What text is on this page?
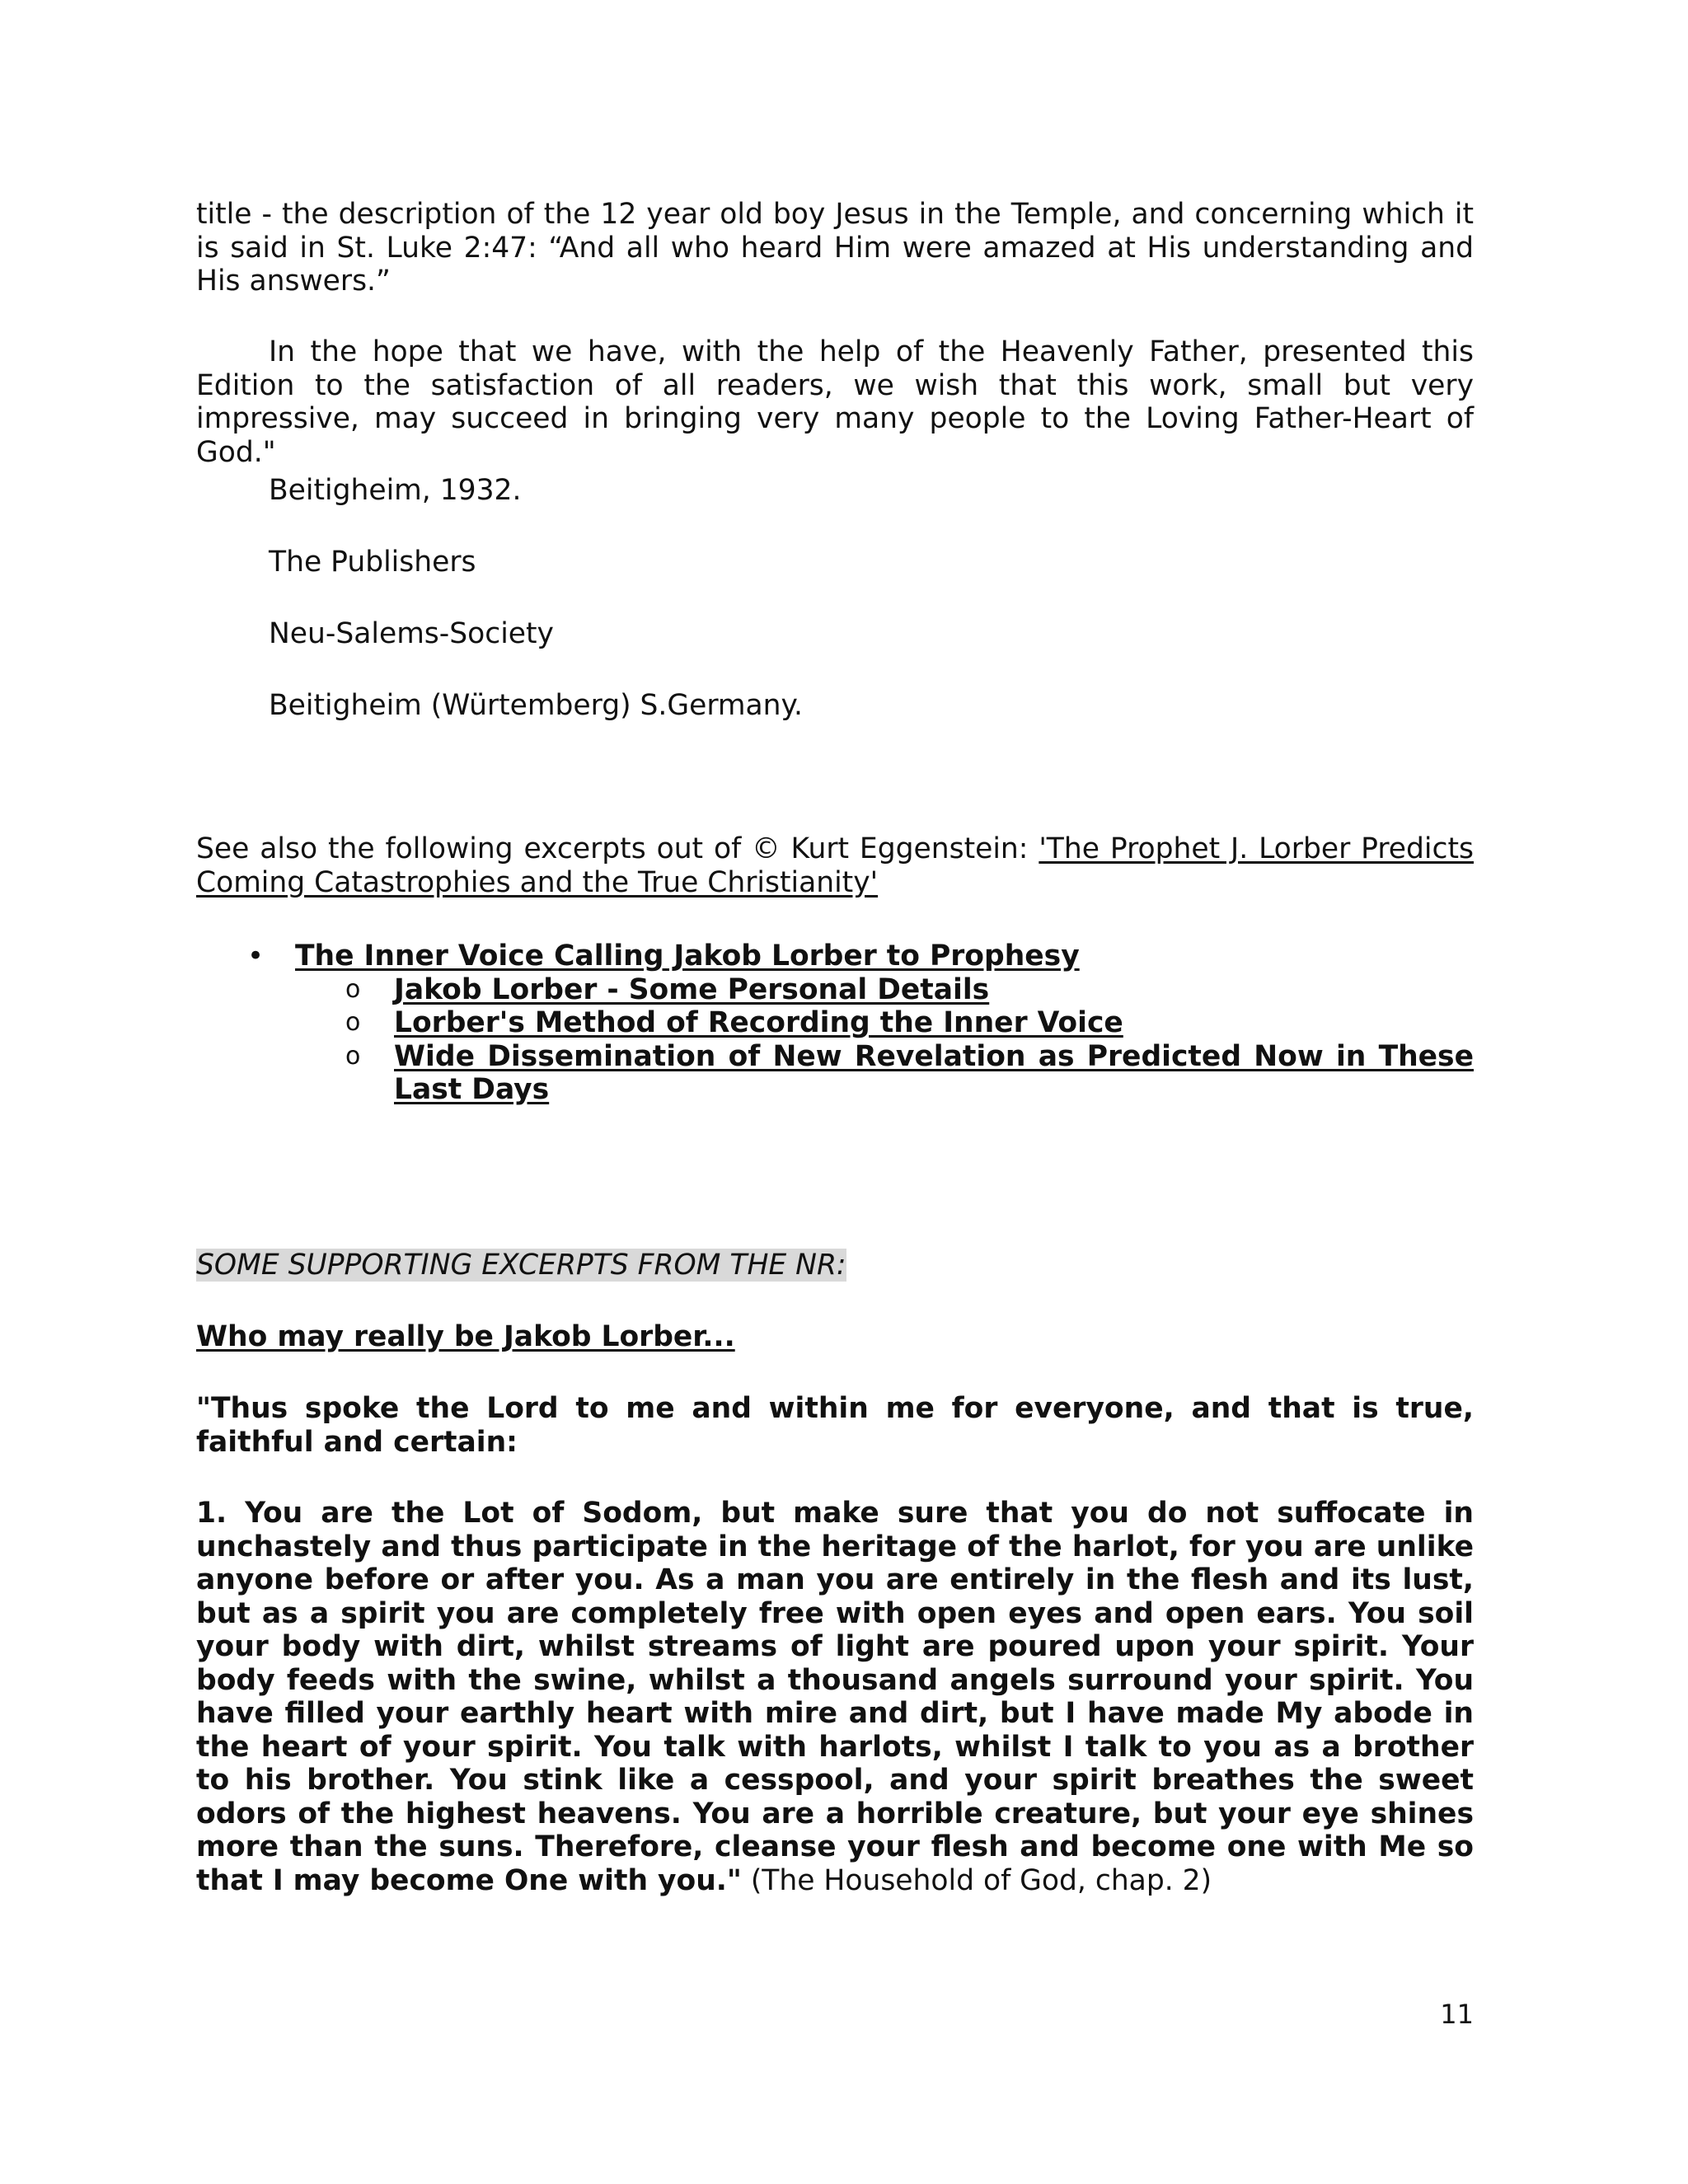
title - the description of the 12 year old boy Jesus in the Temple, and concerning which it is said in St. Luke 2:47: “And all who heard Him were amazed at His understanding and His answers.”

In the hope that we have, with the help of the Heavenly Father, presented this Edition to the satisfaction of all readers, we wish that this work, small but very impressive, may succeed in bringing very many people to the Loving Father-Heart of God."

Beitigheim, 1932.

The Publishers

Neu-Salems-Society

Beitigheim (Würtemberg) S.Germany.

See also the following excerpts out of © Kurt Eggenstein: 'The Prophet J. Lorber Predicts Coming Catastrophies and the True Christianity'

• The Inner Voice Calling Jakob Lorber to Prophesy
o Jakob Lorber - Some Personal Details
o Lorber's Method of Recording the Inner Voice
o Wide Dissemination of New Revelation as Predicted Now in These Last Days

SOME SUPPORTING EXCERPTS FROM THE NR:

Who may really be Jakob Lorber...

"Thus spoke the Lord to me and within me for everyone, and that is true, faithful and certain:

1. You are the Lot of Sodom, but make sure that you do not suffocate in unchastely and thus participate in the heritage of the harlot, for you are unlike anyone before or after you. As a man you are entirely in the flesh and its lust, but as a spirit you are completely free with open eyes and open ears. You soil your body with dirt, whilst streams of light are poured upon your spirit. Your body feeds with the swine, whilst a thousand angels surround your spirit. You have filled your earthly heart with mire and dirt, but I have made My abode in the heart of your spirit. You talk with harlots, whilst I talk to you as a brother to his brother. You stink like a cesspool, and your spirit breathes the sweet odors of the highest heavens. You are a horrible creature, but your eye shines more than the suns. Therefore, cleanse your flesh and become one with Me so that I may become One with you." (The Household of God, chap. 2)

11
